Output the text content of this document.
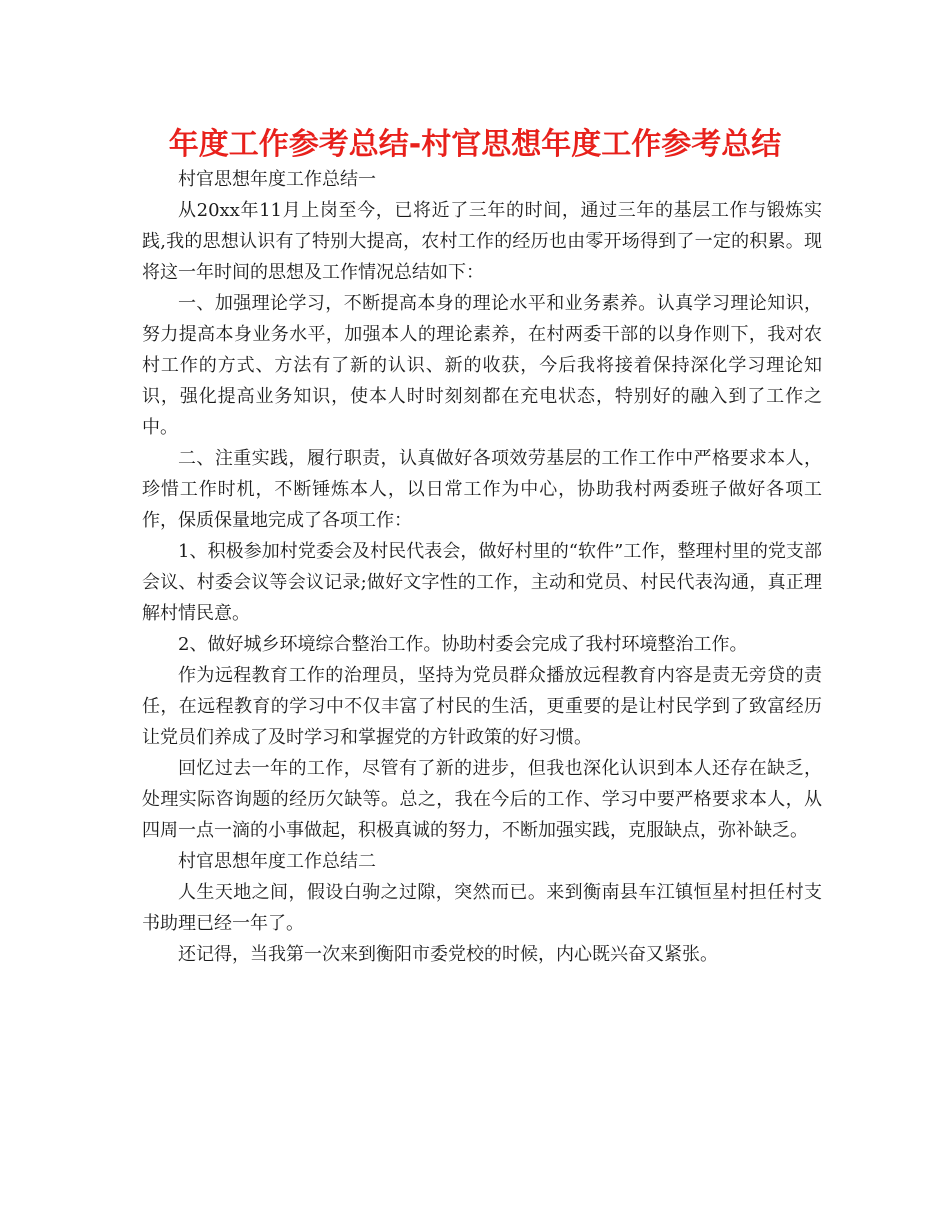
年度工作参考总结-村官思想年度工作参考总结

村官思想年度工作总结一

从20xx年11月上岗至今，已将近了三年的时间，通过三年的基层工作与锻炼实践,我的思想认识有了特别大提高，农村工作的经历也由零开场得到了一定的积累。现将这一年时间的思想及工作情况总结如下：

一、加强理论学习，不断提高本身的理论水平和业务素养。认真学习理论知识，努力提高本身业务水平，加强本人的理论素养，在村两委干部的以身作则下，我对农村工作的方式、方法有了新的认识、新的收获，今后我将接着保持深化学习理论知识，强化提高业务知识，使本人时时刻刻都在充电状态，特别好的融入到了工作之中。

二、注重实践，履行职责，认真做好各项效劳基层的工作工作中严格要求本人，珍惜工作时机，不断锤炼本人，以日常工作为中心，协助我村两委班子做好各项工作，保质保量地完成了各项工作：

1、积极参加村党委会及村民代表会，做好村里的“软件”工作，整理村里的党支部会议、村委会议等会议记录;做好文字性的工作，主动和党员、村民代表沟通，真正理解村情民意。

2、做好城乡环境综合整治工作。协助村委会完成了我村环境整治工作。

作为远程教育工作的治理员，坚持为党员群众播放远程教育内容是责无旁贷的责任，在远程教育的学习中不仅丰富了村民的生活，更重要的是让村民学到了致富经历让党员们养成了及时学习和掌握党的方针政策的好习惯。

回忆过去一年的工作，尽管有了新的进步，但我也深化认识到本人还存在缺乏，处理实际咨询题的经历欠缺等。总之，我在今后的工作、学习中要严格要求本人，从四周一点一滴的小事做起，积极真诚的努力，不断加强实践，克服缺点，弥补缺乏。

村官思想年度工作总结二

人生天地之间，假设白驹之过隙，突然而已。来到衡南县车江镇恒星村担任村支书助理已经一年了。

还记得，当我第一次来到衡阳市委党校的时候，内心既兴奋又紧张。
